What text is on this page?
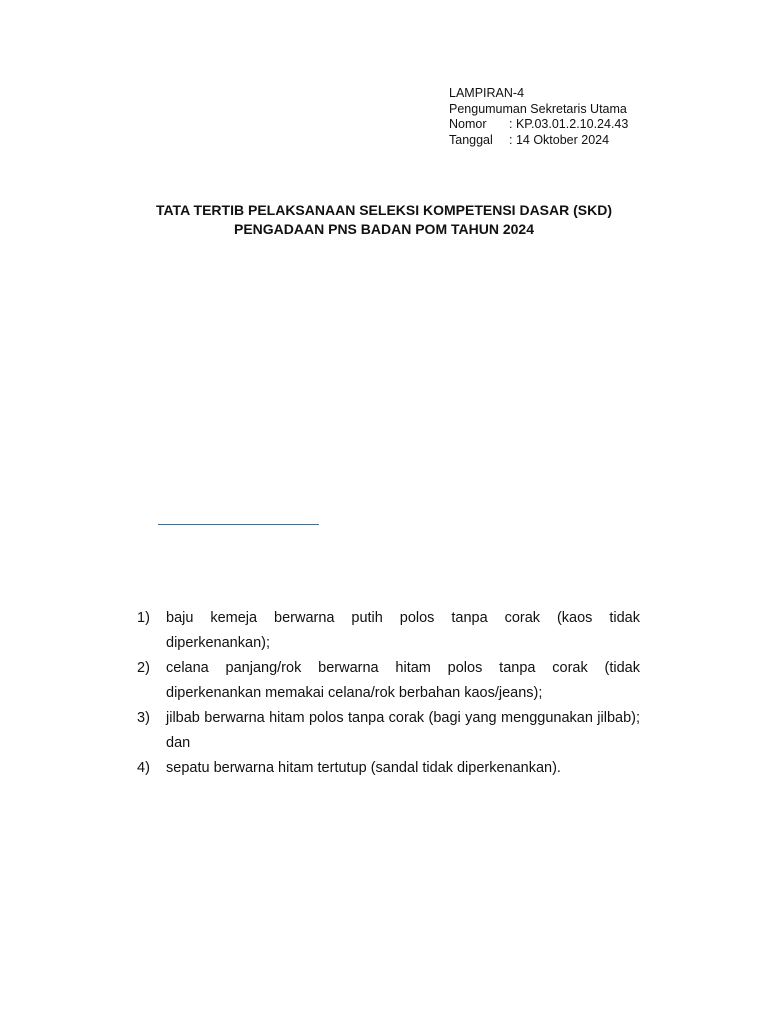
LAMPIRAN-4
Pengumuman Sekretaris Utama
Nomor : KP.03.01.2.10.24.43
Tanggal : 14 Oktober 2024
TATA TERTIB PELAKSANAAN SELEKSI KOMPETENSI DASAR (SKD)
PENGADAAN PNS BADAN POM TAHUN 2024
1) baju kemeja berwarna putih polos tanpa corak (kaos tidak diperkenankan);
2) celana panjang/rok berwarna hitam polos tanpa corak (tidak diperkenankan memakai celana/rok berbahan kaos/jeans);
3) jilbab berwarna hitam polos tanpa corak (bagi yang menggunakan jilbab); dan
4) sepatu berwarna hitam tertutup (sandal tidak diperkenankan).
